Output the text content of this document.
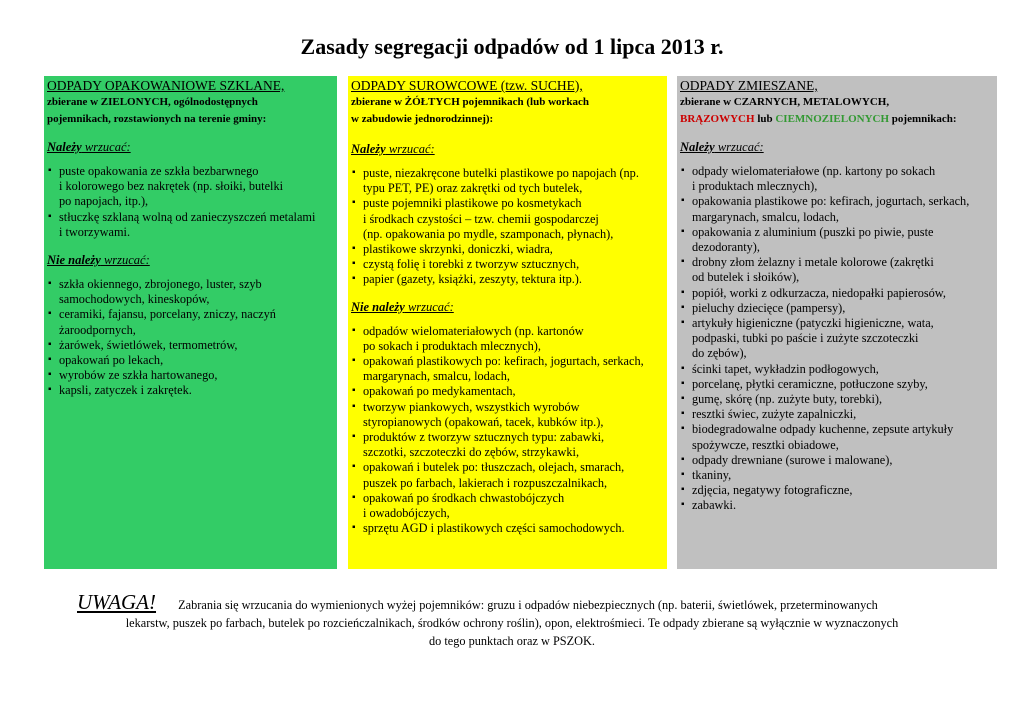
Zasady segregacji odpadów od 1 lipca 2013 r.
ODPADY OPAKOWANIOWE SZKLANE,
zbierane w ZIELONYCH, ogólnodostępnych
pojemnikach, rozstawionych na terenie gminy:
Należy wrzucać:
▪ puste opakowania ze szkła bezbarwnego
i kolorowego bez nakrętek (np. słoiki, butelki
po napojach, itp.),
▪ stłuczkę szklaną wolną od zanieczyszczeń metalami
i tworzywami.
Nie należy wrzucać:
▪ szkła okiennego, zbrojonego, luster, szyb
samochodowych, kineskopów,
▪ ceramiki, fajansu, porcelany, zniczy, naczyń
żaroodpornych,
▪ żarówek, świetlówek, termometrów,
▪ opakowań po lekach,
▪ wyrobów ze szkła hartowanego,
▪ kapsli, zatyczek i zakrętek.
ODPADY SUROWCOWE (tzw. SUCHE),
zbierane w ŻÓŁTYCH pojemnikach (lub workach
w zabudowie jednorodzinnej):
Należy wrzucać:
▪ puste, niezakręcone butelki plastikowe po napojach (np.
typu PET, PE) oraz zakrętki od tych butelek,
▪ puste pojemniki plastikowe po kosmetykach
i środkach czystości – tzw. chemii gospodarczej
(np. opakowania po mydle, szamponach, płynach),
▪ plastikowe skrzynki, doniczki, wiadra,
▪ czystą folię i torebki z tworzyw sztucznych,
▪ papier (gazety, książki, zeszyty, tektura itp.).
Nie należy wrzucać:
▪ odpadów wielomateriałowych (np. kartonów
po sokach i produktach mlecznych),
▪ opakowań plastikowych po: kefirach, jogurtach, serkach,
margarynach, smalcu, lodach,
▪ opakowań po medykamentach,
▪ tworzyw piankowych, wszystkich wyrobów
styropianowych (opakowań, tacek, kubków itp.),
▪ produktów z tworzyw sztucznych typu: zabawki,
szczotki, szczoteczki do zębów, strzykawki,
▪ opakowań i butelek po: tłuszczach, olejach, smarach,
puszek po farbach, lakierach i rozpuszczalnikach,
▪ opakowań po środkach chwastobójczych
i owadobójczych,
▪ sprzętu AGD i plastikowych części samochodowych.
ODPADY ZMIESZANE,
zbierane w CZARNYCH, METALOWYCH,
BRĄZOWYCH lub CIEMNOZIELONYCH pojemnikach:
Należy wrzucać:
▪ odpady wielomateriałowe (np. kartony po sokach
i produktach mlecznych),
▪ opakowania plastikowe po: kefirach, jogurtach, serkach,
margarynach, smalcu, lodach,
▪ opakowania z aluminium (puszki po piwie, puste
dezodoranty),
▪ drobny złom żelazny i metale kolorowe (zakrętki
od butelek i słoików),
▪ popiół, worki z odkurzacza, niedopałki papierosów,
▪ pieluchy dziecięce (pampersy),
▪ artykuły higieniczne (patyczki higieniczne, wata,
podpaski, tubki po paście i zużyte szczoteczki
do zębów),
▪ ścinki tapet, wykładzin podłogowych,
▪ porcelanę, płytki ceramiczne, potłuczone szyby,
▪ gumę, skórę (np. zużyte buty, torebki),
▪ resztki świec, zużyte zapalniczki,
▪ biodegradowalne odpady kuchenne, zepsute artykuły
spożywcze, resztki obiadowe,
▪ odpady drewniane (surowe i malowane),
▪ tkaniny,
▪ zdjęcia, negatywy fotograficzne,
▪ zabawki.
UWAGA! Zabrania się wrzucania do wymienionych wyżej pojemników: gruzu i odpadów niebezpiecznych (np. baterii, świetlówek, przeterminowanych
lekarstw, puszek po farbach, butelek po rozcieńczalnikach, środków ochrony roślin), opon, elektrośmieci. Te odpady zbierane są wyłącznie w wyznaczonych
do tego punktach oraz w PSZOK.
